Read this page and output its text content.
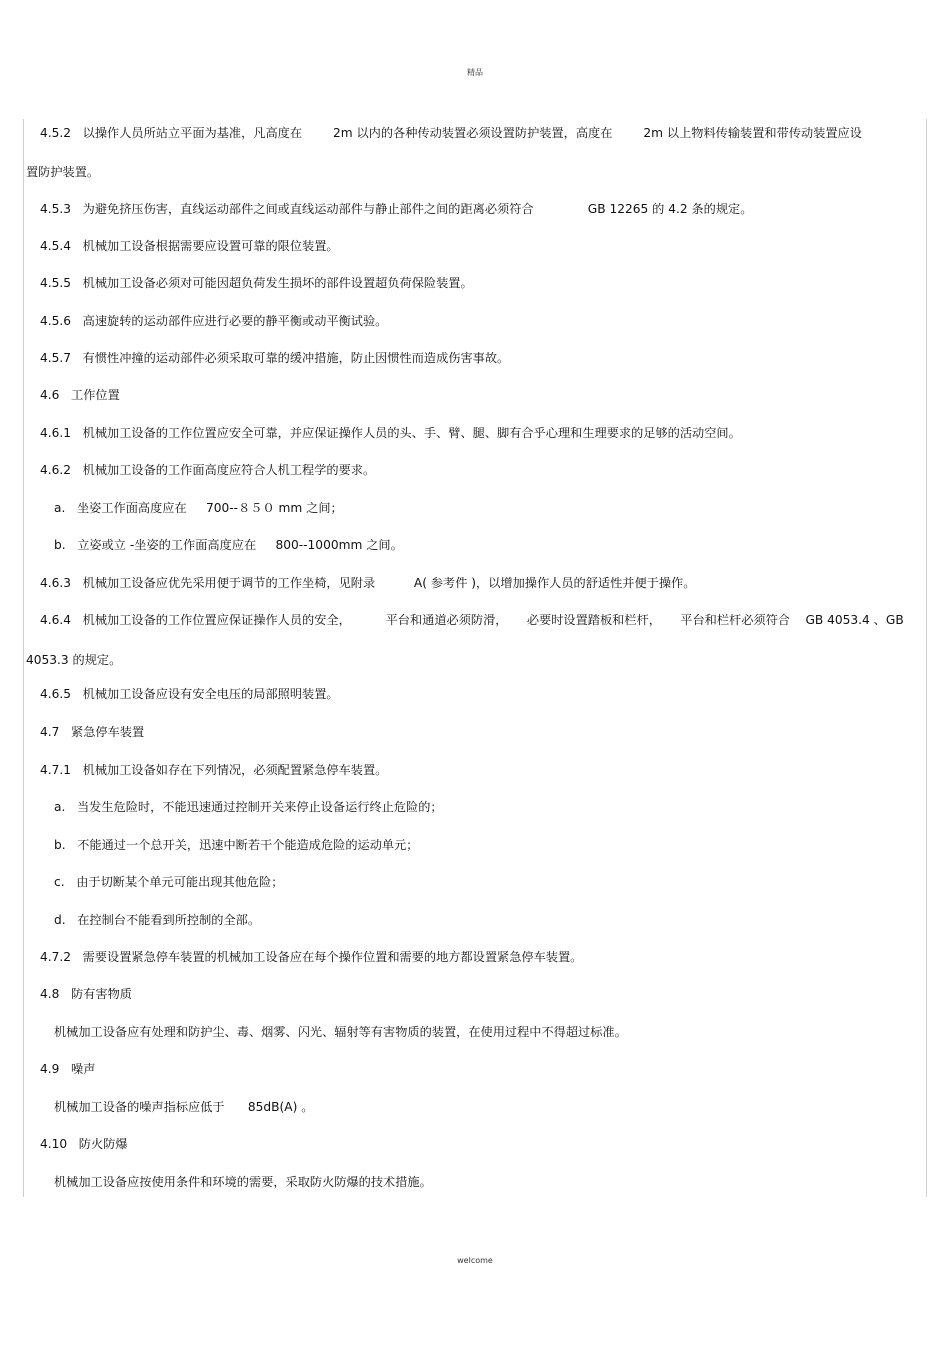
精品
4.5.2   以操作人员所站立平面为基准，凡高度在        2m 以内的各种传动装置必须设置防护装置，高度在        2m 以上物料传输装置和带传动装置应设
置防护装置。
4.5.3   为避免挤压伤害，直线运动部件之间或直线运动部件与静止部件之间的距离必须符合              GB 12265 的 4.2 条的规定。
4.5.4   机械加工设备根据需要应设置可靠的限位装置。
4.5.5   机械加工设备必须对可能因超负荷发生损坏的部件设置超负荷保险装置。
4.5.6   高速旋转的运动部件应进行必要的静平衡或动平衡试验。
4.5.7   有惯性冲撞的运动部件必须采取可靠的缓冲措施，防止因惯性而造成伤害事故。
4.6   工作位置
4.6.1   机械加工设备的工作位置应安全可靠，并应保证操作人员的头、手、臂、腿、脚有合乎心理和生理要求的足够的活动空间。
4.6.2   机械加工设备的工作面高度应符合人机工程学的要求。
a.   坐姿工作面高度应在     700--８５０ mm 之间；
b.   立姿或立 -坐姿的工作面高度应在     800--1000mm 之间。
4.6.3   机械加工设备应优先采用便于调节的工作坐椅，见附录          A( 参考件 )，以增加操作人员的舒适性并便于操作。
4.6.4   机械加工设备的工作位置应保证操作人员的安全，         平台和通道必须防滑，     必要时设置踏板和栏杆，     平台和栏杆必须符合    GB 4053.4 、GB
4053.3 的规定。
4.6.5   机械加工设备应设有安全电压的局部照明装置。
4.7   紧急停车装置
4.7.1   机械加工设备如存在下列情况，必须配置紧急停车装置。
a.   当发生危险时，不能迅速通过控制开关来停止设备运行终止危险的；
b.   不能通过一个总开关，迅速中断若干个能造成危险的运动单元；
c.   由于切断某个单元可能出现其他危险；
d.   在控制台不能看到所控制的全部。
4.7.2   需要设置紧急停车装置的机械加工设备应在每个操作位置和需要的地方都设置紧急停车装置。
4.8   防有害物质
机械加工设备应有处理和防护尘、毒、烟雾、闪光、辐射等有害物质的装置，在使用过程中不得超过标准。
4.9   噪声
机械加工设备的噪声指标应低于      85dB(A) 。
4.10   防火防爆
机械加工设备应按使用条件和环境的需要，采取防火防爆的技术措施。
welcome
